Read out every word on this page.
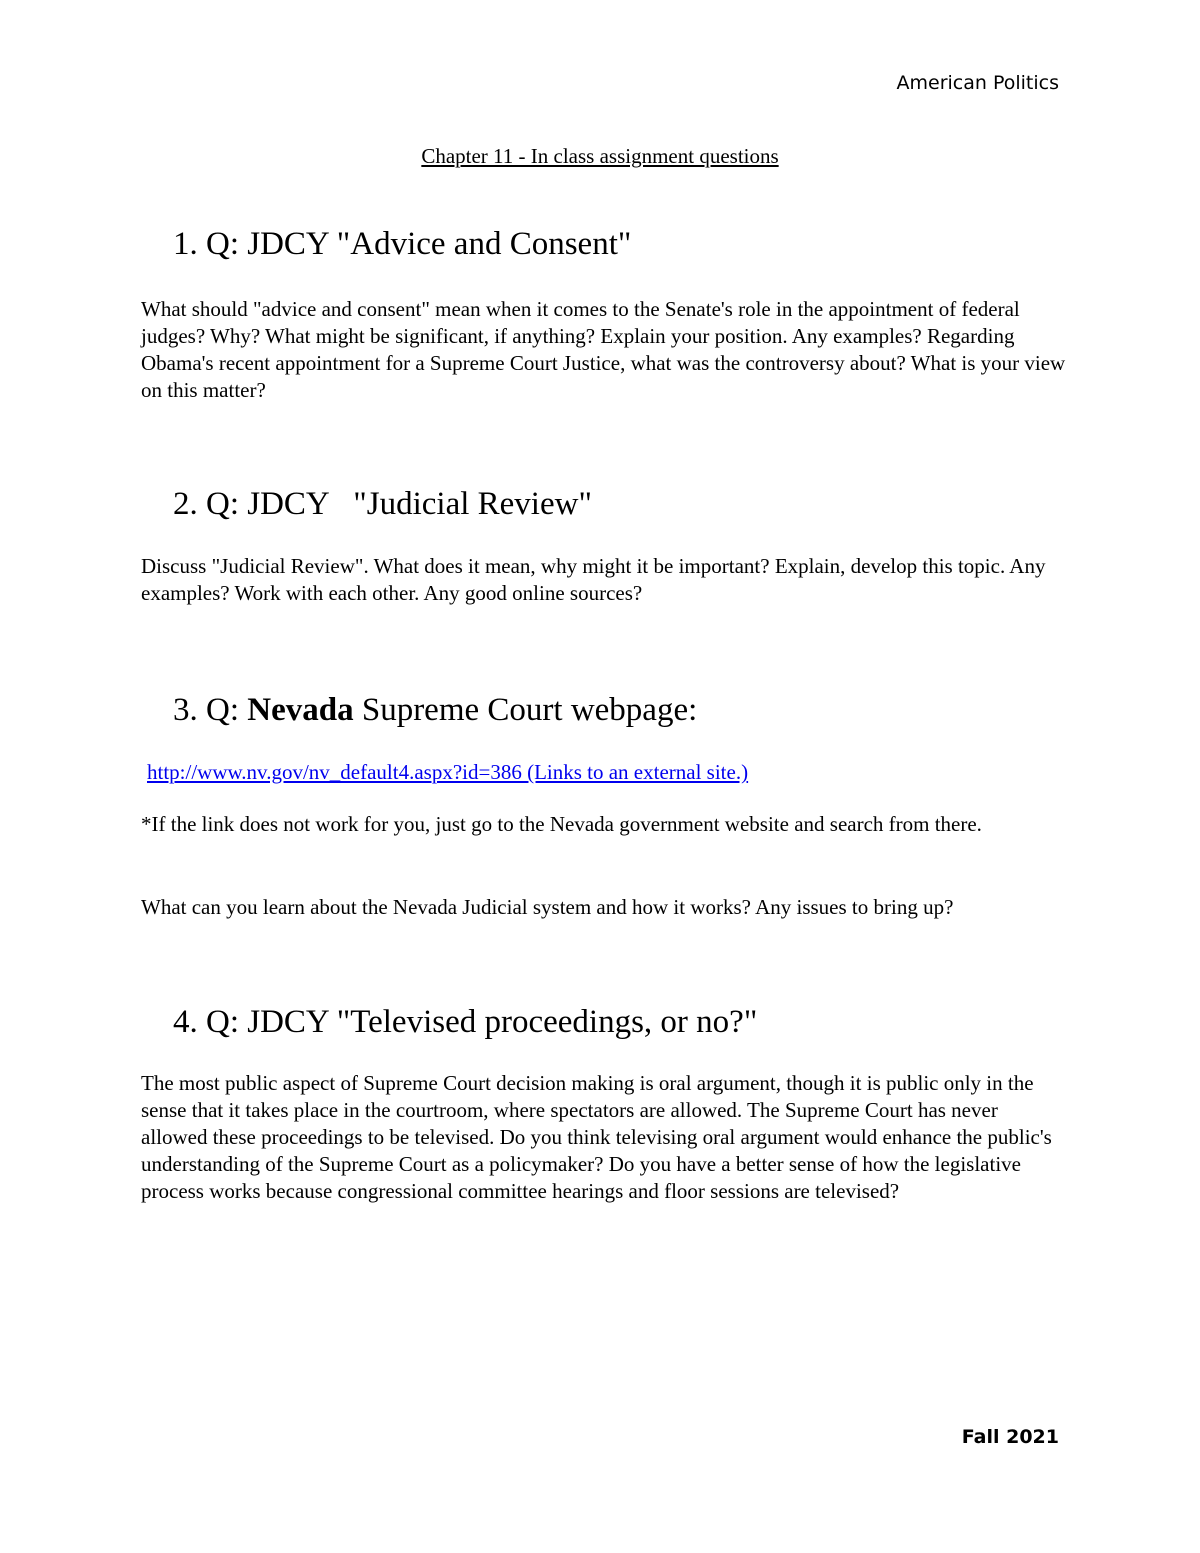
American Politics
Chapter 11 - In class assignment questions
1. Q: JDCY "Advice and Consent"
What should "advice and consent" mean when it comes to the Senate's role in the appointment of federal judges? Why? What might be significant, if anything? Explain your position. Any examples? Regarding Obama's recent appointment for a Supreme Court Justice, what was the controversy about? What is your view on this matter?
2. Q: JDCY   "Judicial Review"
Discuss "Judicial Review". What does it mean, why might it be important? Explain, develop this topic. Any examples? Work with each other. Any good online sources?
3. Q: Nevada Supreme Court webpage:
http://www.nv.gov/nv_default4.aspx?id=386 (Links to an external site.)
*If the link does not work for you, just go to the Nevada government website and search from there.
What can you learn about the Nevada Judicial system and how it works? Any issues to bring up?
4. Q: JDCY "Televised proceedings, or no?"
The most public aspect of Supreme Court decision making is oral argument, though it is public only in the sense that it takes place in the courtroom, where spectators are allowed. The Supreme Court has never allowed these proceedings to be televised. Do you think televising oral argument would enhance the public's understanding of the Supreme Court as a policymaker? Do you have a better sense of how the legislative process works because congressional committee hearings and floor sessions are televised?
Fall 2021
